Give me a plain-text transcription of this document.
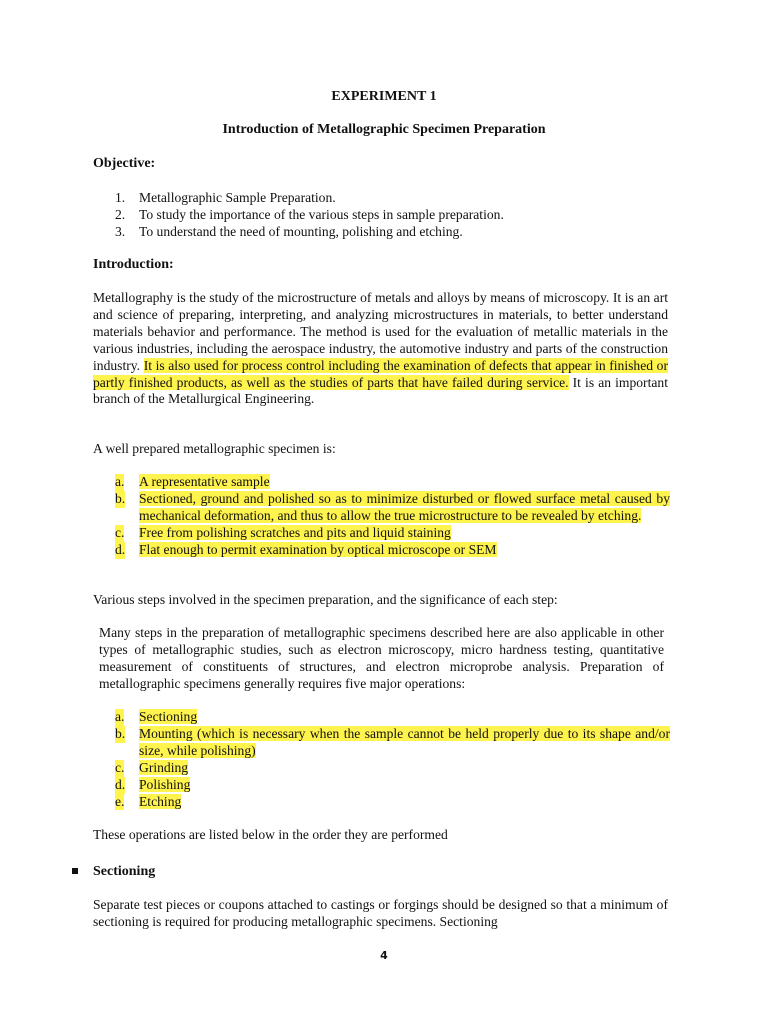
EXPERIMENT 1
Introduction of Metallographic Specimen Preparation
Objective:
1. Metallographic Sample Preparation.
2. To study the importance of the various steps in sample preparation.
3. To understand the need of mounting, polishing and etching.
Introduction:
Metallography is the study of the microstructure of metals and alloys by means of microscopy. It is an art and science of preparing, interpreting, and analyzing microstructures in materials, to better understand materials behavior and performance. The method is used for the evaluation of metallic materials in the various industries, including the aerospace industry, the automotive industry and parts of the construction industry. It is also used for process control including the examination of defects that appear in finished or partly finished products, as well as the studies of parts that have failed during service. It is an important branch of the Metallurgical Engineering.
A well prepared metallographic specimen is:
a. A representative sample
b. Sectioned, ground and polished so as to minimize disturbed or flowed surface metal caused by mechanical deformation, and thus to allow the true microstructure to be revealed by etching.
c. Free from polishing scratches and pits and liquid staining
d. Flat enough to permit examination by optical microscope or SEM
Various steps involved in the specimen preparation, and the significance of each step:
Many steps in the preparation of metallographic specimens described here are also applicable in other types of metallographic studies, such as electron microscopy, micro hardness testing, quantitative measurement of constituents of structures, and electron microprobe analysis. Preparation of metallographic specimens generally requires five major operations:
a. Sectioning
b. Mounting (which is necessary when the sample cannot be held properly due to its shape and/or size, while polishing)
c. Grinding
d. Polishing
e. Etching
These operations are listed below in the order they are performed
Sectioning
Separate test pieces or coupons attached to castings or forgings should be designed so that a minimum of sectioning is required for producing metallographic specimens. Sectioning
4
